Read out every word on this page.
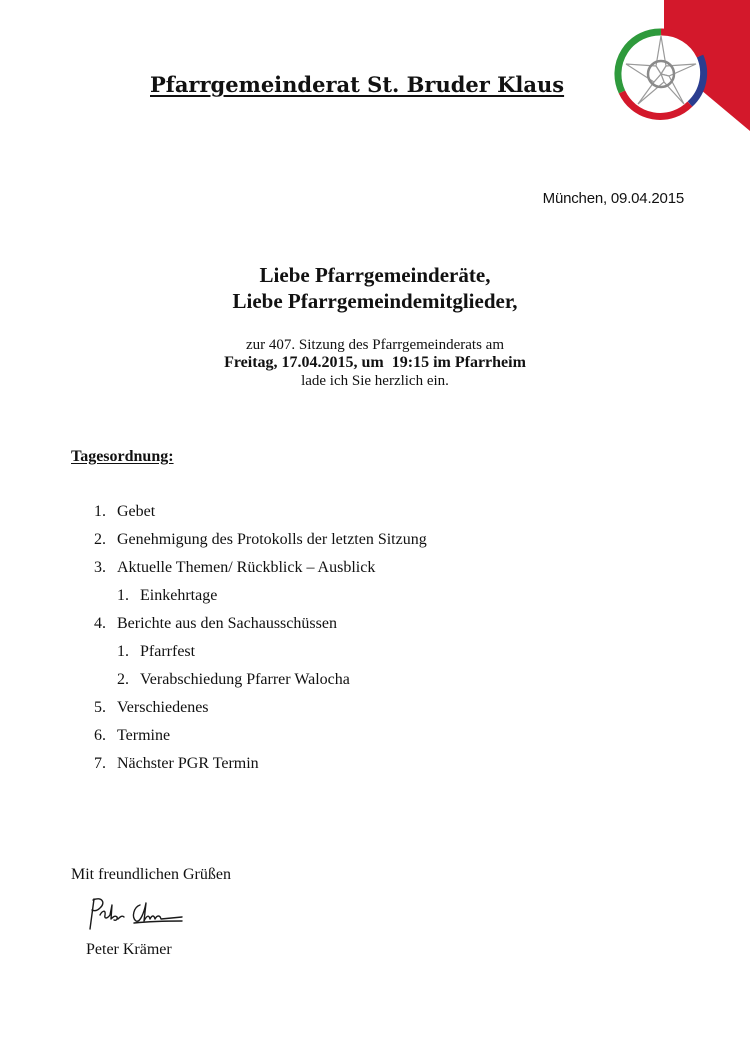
Pfarrgemeinderat St. Bruder Klaus
München, 09.04.2015
Liebe Pfarrgemeinderäte,
Liebe Pfarrgemeindemitglieder,
zur 407. Sitzung des Pfarrgemeinderats am
Freitag, 17.04.2015, um  19:15 im Pfarrheim
lade ich Sie herzlich ein.
Tagesordnung:
1. Gebet
2. Genehmigung des Protokolls der letzten Sitzung
3. Aktuelle Themen/ Rückblick – Ausblick
1. Einkehrtage
4. Berichte aus den Sachausschüssen
1. Pfarrfest
2. Verabschiedung Pfarrer Walocha
5. Verschiedenes
6. Termine
7. Nächster PGR Termin
Mit freundlichen Grüßen
Peter Krämer
